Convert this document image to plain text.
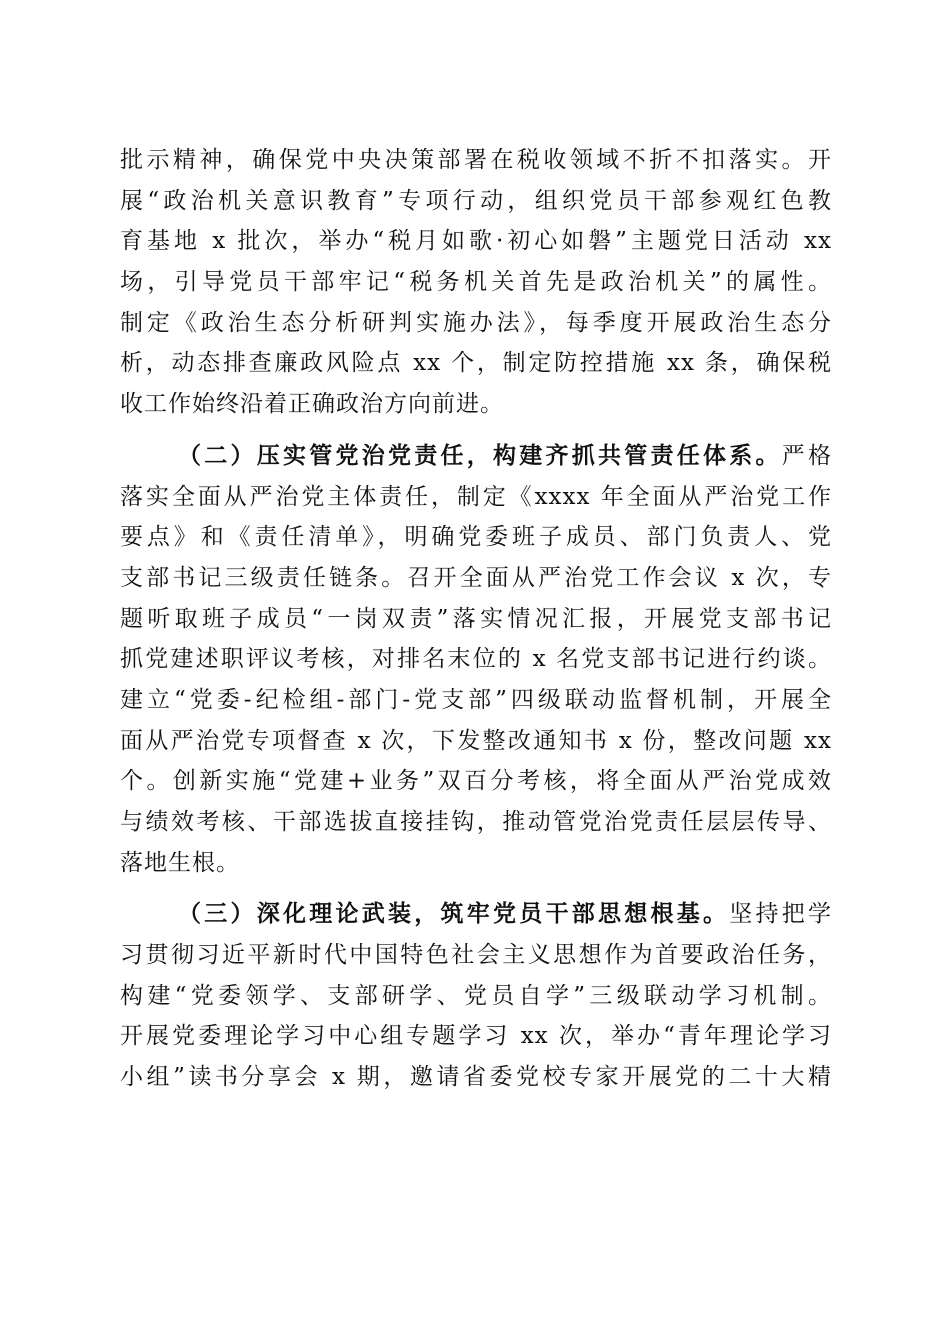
批示精神，确保党中央决策部署在税收领域不折不扣落实。开
展“政治机关意识教育”专项行动，组织党员干部参观红色教
育基地 x 批次，举办“税月如歌·初心如磐”主题党日活动 xx
场，引导党员干部牢记“税务机关首先是政治机关”的属性。
制定《政治生态分析研判实施办法》，每季度开展政治生态分
析，动态排查廉政风险点 xx 个，制定防控措施 xx 条，确保税
收工作始终沿着正确政治方向前进。
（二）压实管党治党责任，构建齐抓共管责任体系。严格
落实全面从严治党主体责任，制定《xxxx 年全面从严治党工作
要点》和《责任清单》，明确党委班子成员、部门负责人、党
支部书记三级责任链条。召开全面从严治党工作会议 x 次，专
题听取班子成员“一岗双责”落实情况汇报，开展党支部书记
抓党建述职评议考核，对排名末位的 x 名党支部书记进行约谈。
建立“党委-纪检组-部门-党支部”四级联动监督机制，开展全
面从严治党专项督查 x 次，下发整改通知书 x 份，整改问题 xx
个。创新实施“党建+业务”双百分考核，将全面从严治党成效
与绩效考核、干部选拔直接挂钩，推动管党治党责任层层传导、
落地生根。
（三）深化理论武装，筑牢党员干部思想根基。坚持把学
习贯彻习近平新时代中国特色社会主义思想作为首要政治任务，
构建“党委领学、支部研学、党员自学”三级联动学习机制。
开展党委理论学习中心组专题学习 xx 次，举办“青年理论学习
小组”读书分享会 x 期，邀请省委党校专家开展党的二十大精
